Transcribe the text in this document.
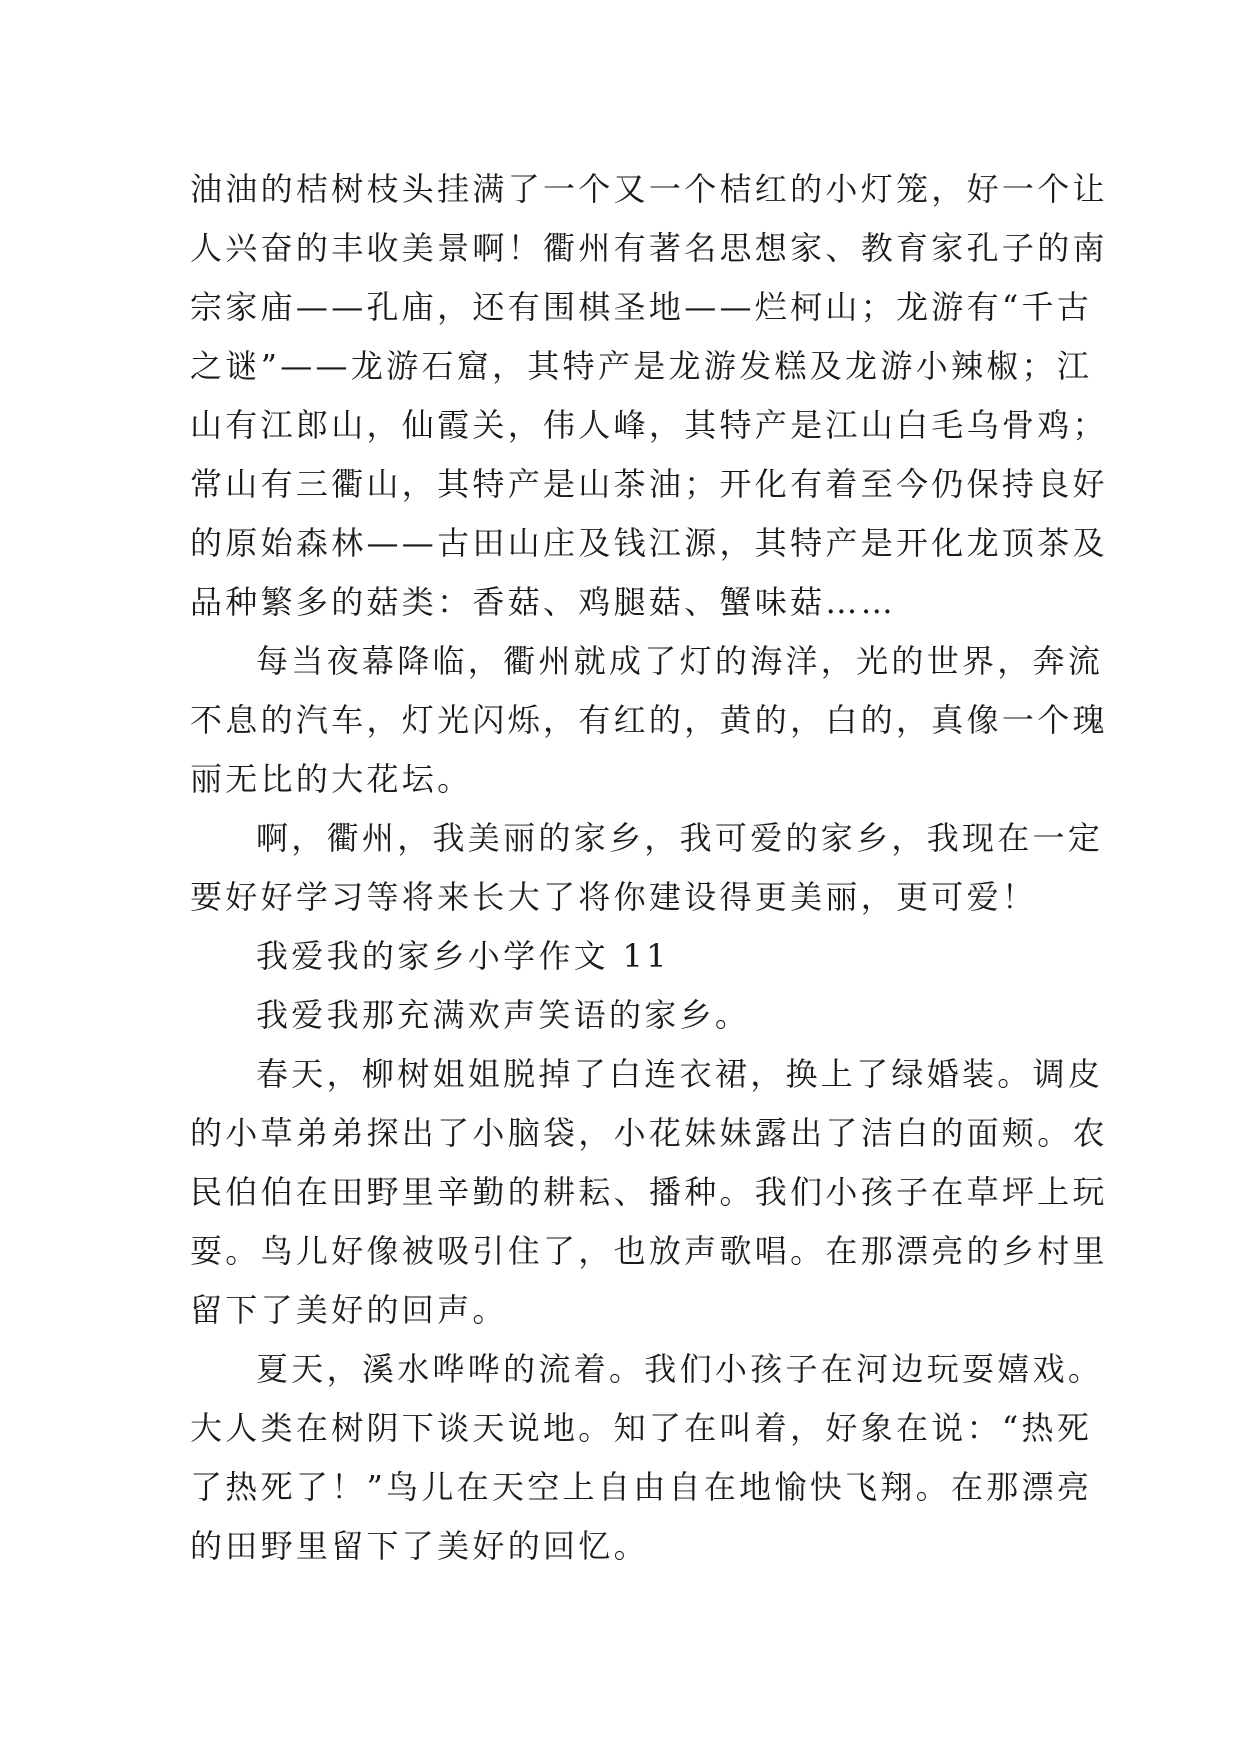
油油的桔树枝头挂满了一个又一个桔红的小灯笼，好一个让
人兴奋的丰收美景啊！衢州有著名思想家、教育家孔子的南
宗家庙——孔庙，还有围棋圣地——烂柯山；龙游有“千古
之谜”——龙游石窟，其特产是龙游发糕及龙游小辣椒；江
山有江郎山，仙霞关，伟人峰，其特产是江山白毛乌骨鸡；
常山有三衢山，其特产是山茶油；开化有着至今仍保持良好
的原始森林——古田山庄及钱江源，其特产是开化龙顶茶及
品种繁多的菇类：香菇、鸡腿菇、蟹味菇……

每当夜幕降临，衢州就成了灯的海洋，光的世界，奔流
不息的汽车，灯光闪烁，有红的，黄的，白的，真像一个瑰
丽无比的大花坛。

啊，衢州，我美丽的家乡，我可爱的家乡，我现在一定
要好好学习等将来长大了将你建设得更美丽，更可爱！

我爱我的家乡小学作文 11

我爱我那充满欢声笑语的家乡。

春天，柳树姐姐脱掉了白连衣裙，换上了绿婚装。调皮
的小草弟弟探出了小脑袋，小花妹妹露出了洁白的面颊。农
民伯伯在田野里辛勤的耕耘、播种。我们小孩子在草坪上玩
耍。鸟儿好像被吸引住了，也放声歌唱。在那漂亮的乡村里
留下了美好的回声。

夏天，溪水哗哗的流着。我们小孩子在河边玩耍嬉戏。
大人类在树阴下谈天说地。知了在叫着，好象在说：“热死
了热死了！”鸟儿在天空上自由自在地愉快飞翔。在那漂亮
的田野里留下了美好的回忆。
